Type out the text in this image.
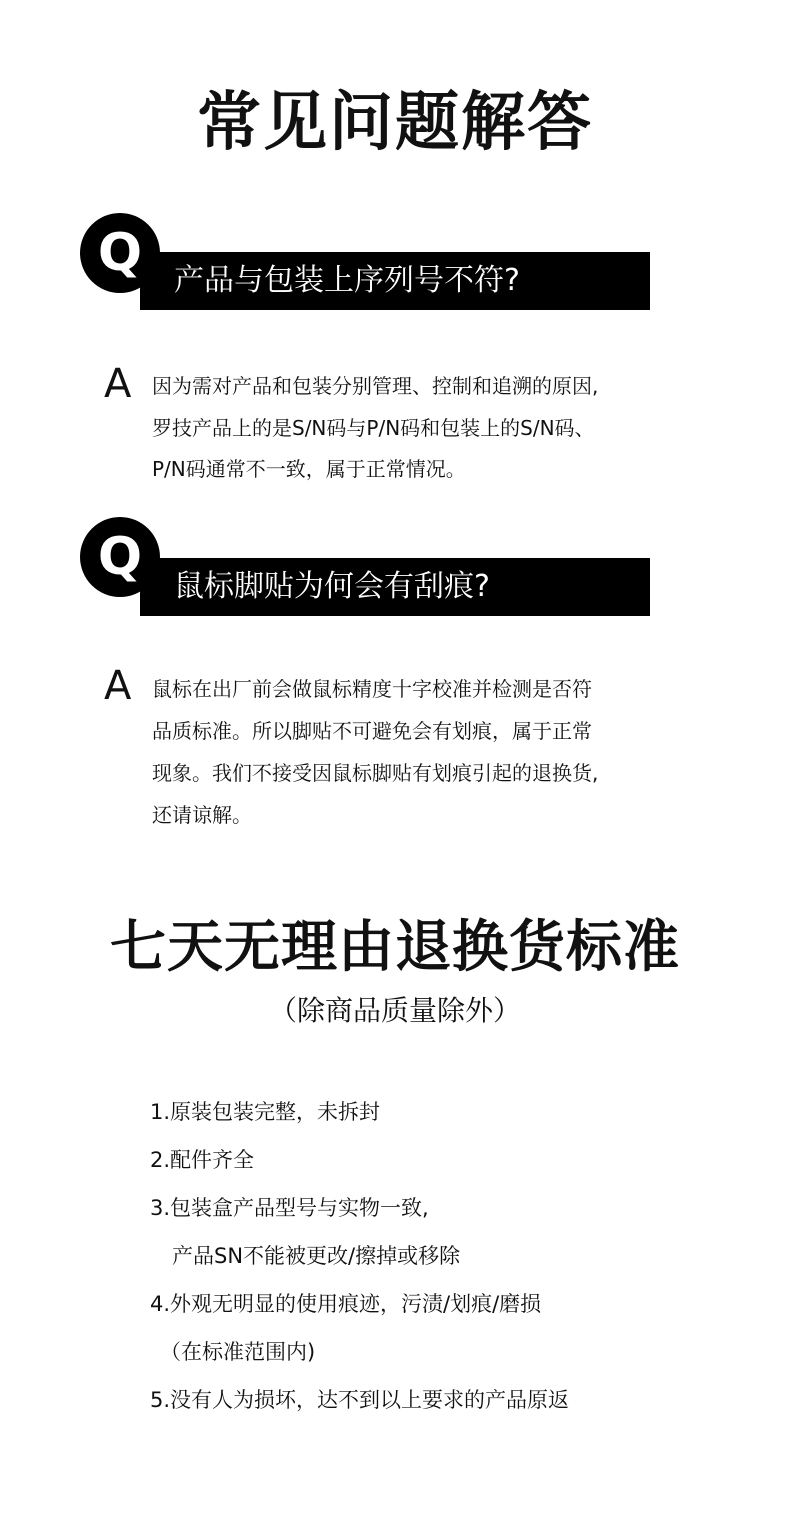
常见问题解答
产品与包装上序列号不符?
Q
A 因为需对产品和包装分别管理、控制和追溯的原因,
罗技产品上的是S/N码与P/N码和包装上的S/N码、
P/N码通常不一致，属于正常情况。
鼠标脚贴为何会有刮痕?
Q
A 鼠标在出厂前会做鼠标精度十字校准并检测是否符
品质标准。所以脚贴不可避免会有划痕，属于正常
现象。我们不接受因鼠标脚贴有划痕引起的退换货,
还请谅解。
七天无理由退换货标准
（除商品质量除外）
1.原装包装完整，未拆封
2.配件齐全
3.包装盒产品型号与实物一致,
产品SN不能被更改/擦掉或移除
4.外观无明显的使用痕迹，污渍/划痕/磨损
（在标准范围内)
5.没有人为损坏，达不到以上要求的产品原返
